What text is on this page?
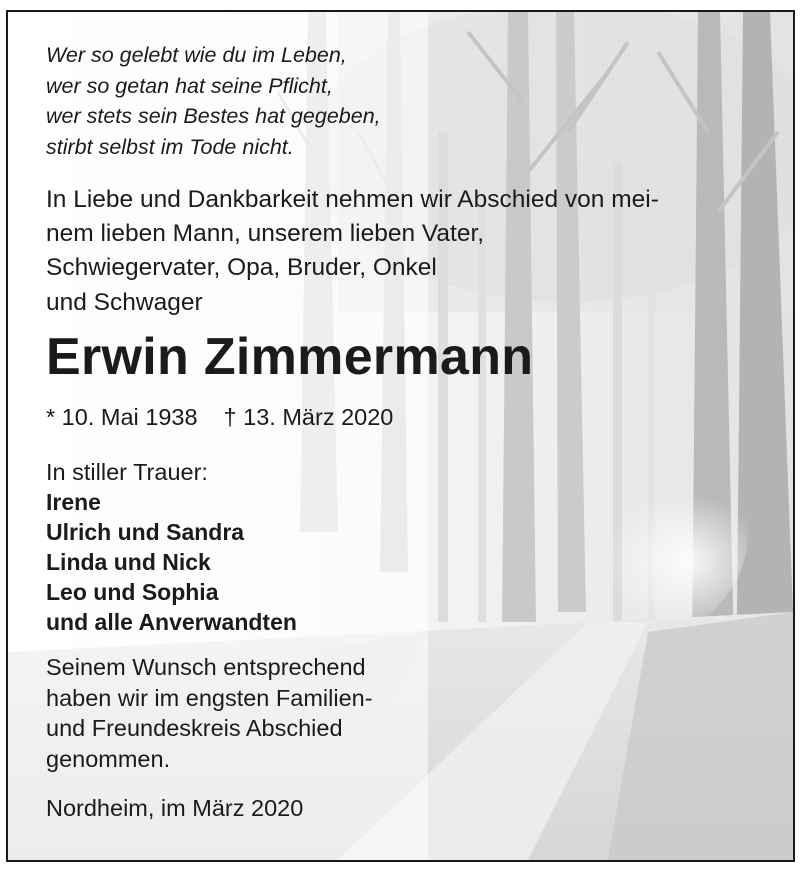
Wer so gelebt wie du im Leben,
wer so getan hat seine Pflicht,
wer stets sein Bestes hat gegeben,
stirbt selbst im Tode nicht.

In Liebe und Dankbarkeit nehmen wir Abschied von mei-
nem lieben Mann, unserem lieben Vater,
Schwiegervater, Opa, Bruder, Onkel
und Schwager

Erwin Zimmermann

* 10. Mai 1938 † 13. März 2020

In stiller Trauer:

Irene
Ulrich und Sandra
Linda und Nick
Leo und Sophia
und alle Anverwandten

Seinem Wunsch entsprechend
haben wir im engsten Familien-
und Freundeskreis Abschied
genommen.

Nordheim, im März 2020
